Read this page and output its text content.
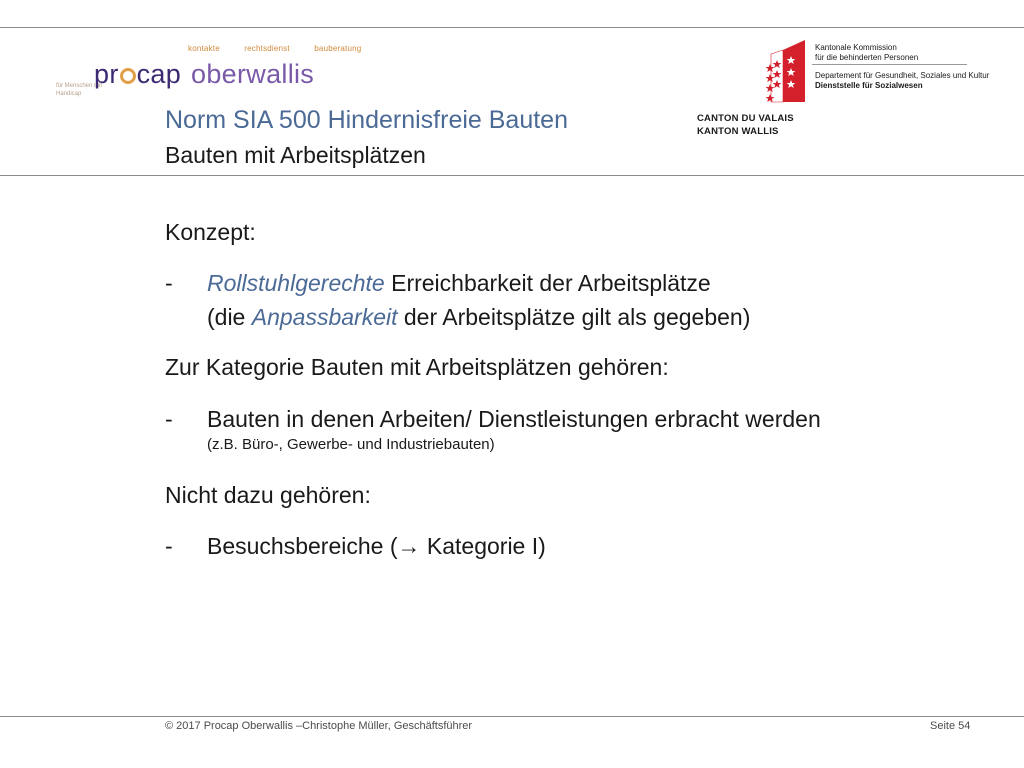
kontakte	rechtsdienst	bauberatung
für Menschen mit Handicap
pr cap oberwallis
Norm SIA 500 Hindernisfreie Bauten
Bauten mit Arbeitsplätzen
Kantonale Kommission
für die behinderten Personen
Departement für Gesundheit, Soziales und Kultur
Dienststelle für Sozialwesen
CANTON DU VALAIS
KANTON WALLIS
Konzept:
- Rollstuhlgerechte Erreichbarkeit der Arbeitsplätze
(die Anpassbarkeit der Arbeitsplätze gilt als gegeben)
Zur Kategorie Bauten mit Arbeitsplätzen gehören:
- Bauten in denen Arbeiten/ Dienstleistungen erbracht werden
(z.B. Büro-, Gewerbe- und Industriebauten)
Nicht dazu gehören:
- Besuchsbereiche (→ Kategorie I)
© 2017 Procap Oberwallis –Christophe Müller, Geschäftsführer	Seite 54
